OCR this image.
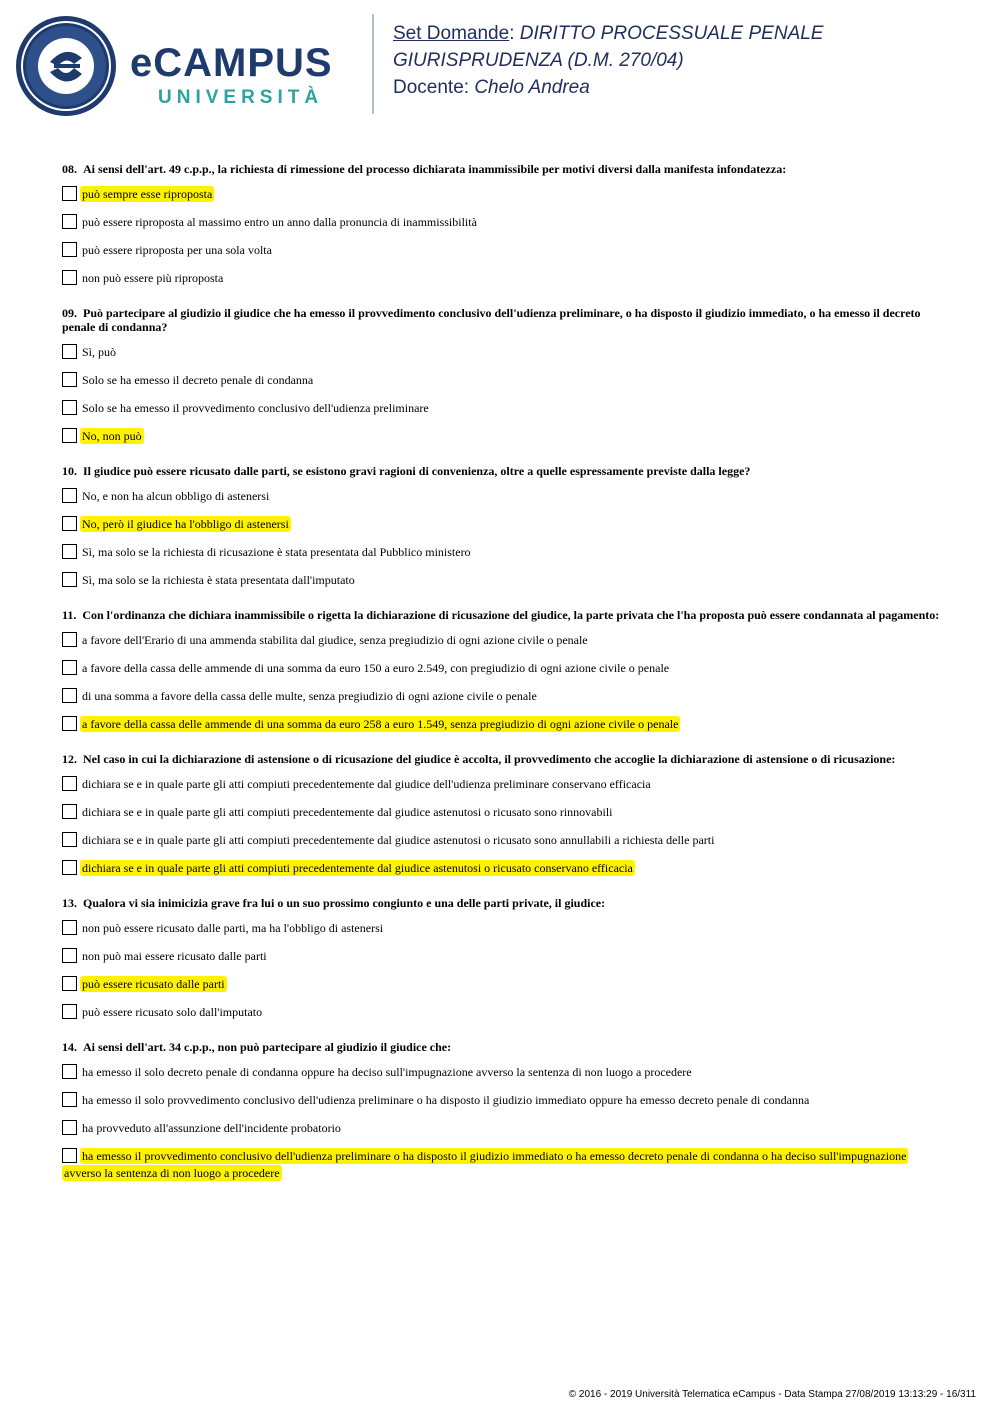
eCAMPUS
UNIVERSITÀ
Set Domande: DIRITTO PROCESSUALE PENALE
GIURISPRUDENZA (D.M. 270/04)
Docente: Chelo Andrea
08. Ai sensi dell'art. 49 c.p.p., la richiesta di rimessione del processo dichiarata inammissibile per motivi diversi dalla manifesta infondatezza:
può sempre esse riproposta
può essere riproposta al massimo entro un anno dalla pronuncia di inammissibilità
può essere riproposta per una sola volta
non può essere più riproposta
09. Può partecipare al giudizio il giudice che ha emesso il provvedimento conclusivo dell'udienza preliminare, o ha disposto il giudizio immediato, o ha emesso il decreto penale di condanna?
Sì, può
Solo se ha emesso il decreto penale di condanna
Solo se ha emesso il provvedimento conclusivo dell'udienza preliminare
No, non può
10. Il giudice può essere ricusato dalle parti, se esistono gravi ragioni di convenienza, oltre a quelle espressamente previste dalla legge?
No, e non ha alcun obbligo di astenersi
No, però il giudice ha l'obbligo di astenersi
Sì, ma solo se la richiesta di ricusazione è stata presentata dal Pubblico ministero
Sì, ma solo se la richiesta è stata presentata dall'imputato
11. Con l'ordinanza che dichiara inammissibile o rigetta la dichiarazione di ricusazione del giudice, la parte privata che l'ha proposta può essere condannata al pagamento:
a favore dell'Erario di una ammenda stabilita dal giudice, senza pregiudizio di ogni azione civile o penale
a favore della cassa delle ammende di una somma da euro 150 a euro 2.549, con pregiudizio di ogni azione civile o penale
di una somma a favore della cassa delle multe, senza pregiudizio di ogni azione civile o penale
a favore della cassa delle ammende di una somma da euro 258 a euro 1.549, senza pregiudizio di ogni azione civile o penale
12. Nel caso in cui la dichiarazione di astensione o di ricusazione del giudice è accolta, il provvedimento che accoglie la dichiarazione di astensione o di ricusazione:
dichiara se e in quale parte gli atti compiuti precedentemente dal giudice dell'udienza preliminare conservano efficacia
dichiara se e in quale parte gli atti compiuti precedentemente dal giudice astenutosi o ricusato sono rinnovabili
dichiara se e in quale parte gli atti compiuti precedentemente dal giudice astenutosi o ricusato sono annullabili a richiesta delle parti
dichiara se e in quale parte gli atti compiuti precedentemente dal giudice astenutosi o ricusato conservano efficacia
13. Qualora vi sia inimicizia grave fra lui o un suo prossimo congiunto e una delle parti private, il giudice:
non può essere ricusato dalle parti, ma ha l'obbligo di astenersi
non può mai essere ricusato dalle parti
può essere ricusato dalle parti
può essere ricusato solo dall'imputato
14. Ai sensi dell'art. 34 c.p.p., non può partecipare al giudizio il giudice che:
ha emesso il solo decreto penale di condanna oppure ha deciso sull'impugnazione avverso la sentenza di non luogo a procedere
ha emesso il solo provvedimento conclusivo dell'udienza preliminare o ha disposto il giudizio immediato oppure ha emesso decreto penale di condanna
ha provveduto all'assunzione dell'incidente probatorio
ha emesso il provvedimento conclusivo dell'udienza preliminare o ha disposto il giudizio immediato o ha emesso decreto penale di condanna o ha deciso sull'impugnazione avverso la sentenza di non luogo a procedere
© 2016 - 2019 Università Telematica eCampus - Data Stampa 27/08/2019 13:13:29 - 16/311
